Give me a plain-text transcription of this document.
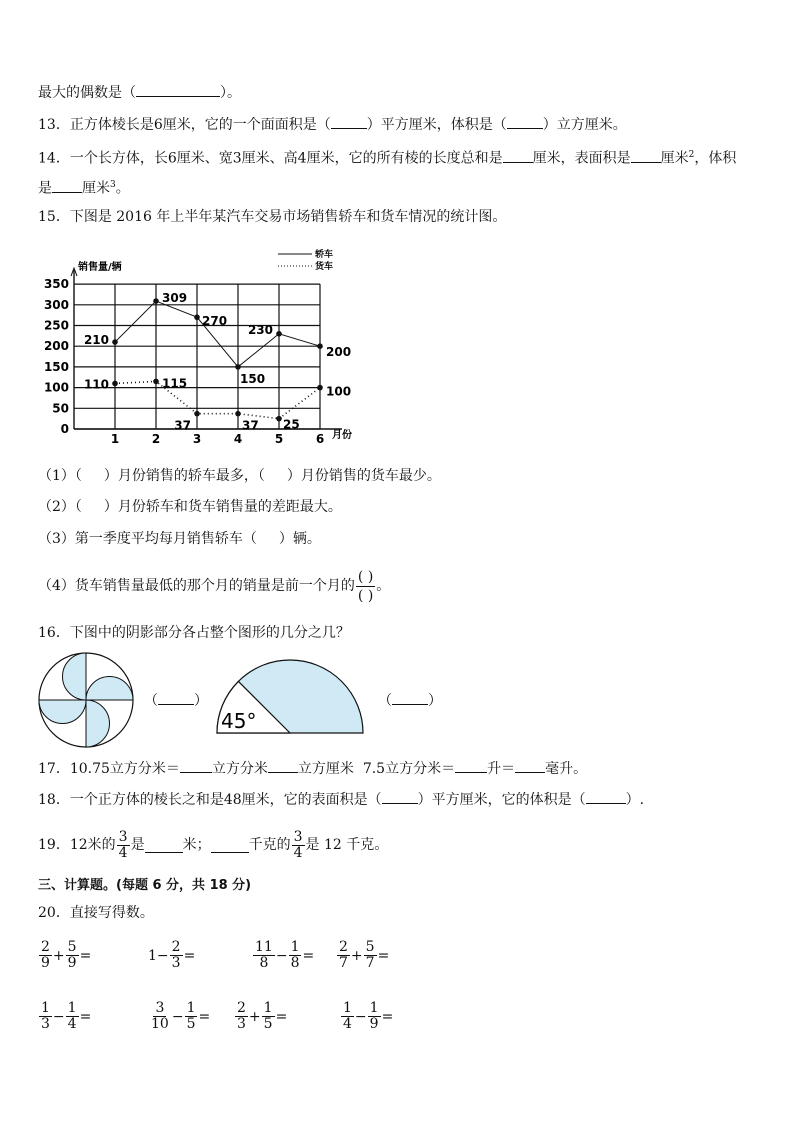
最大的偶数是（	）。
13．正方体棱长是6厘米，它的一个面面积是（	）平方厘米，体积是（	）立方厘米。
14．一个长方体，长6厘米、宽3厘米、高4厘米，它的所有棱的长度总和是 厘米，表面积是 厘米$^2$，体积
是 厘米$^3$。
15．下图是 2016 年上半年某汽车交易市场销售轿车和货车情况的统计图。
0
50
100
150
200
250
300
350
1	2	3	4	5	6
210
309
270
150
230
200
110	115
37	37 25
100
销售量/辆
月份
轿车
货车
（1）（ ）月份销售的轿车最多，（ ）月份销售的货车最少。
（2）（ ）月份轿车和货车销售量的差距最大。
（3）第一季度平均每月销售轿车（ ）辆。
（4）货车销售量最低的那个月的销量是前一个月的 $\frac{( )}{( )}$ 。
16．下图中的阴影部分各占整个图形的几分之几？
（	）
45°
（	）
17．10.75立方分米＝ 立方分米 立方厘米 7.5立方分米＝ 升＝ 毫升。
18．一个正方体的棱长之和是48厘米，它的表面积是（	）平方厘米，它的体积是（	）.
19． 12 米的 $\frac{3}{4}$ 是	米；	千克的 $\frac{3}{4}$ 是
12
千克。
三、计算题。(每题 6 分，共 18 分)
20．直接写得数。
$\frac{2}{9} + \frac{5}{9}$ =	$1- \frac{2}{3}$ =	$\frac{11}{8} - \frac{1}{8} = \frac{2}{7} + \frac{5}{7}$ =
$\frac{1}{3} - \frac{1}{4}$ =	$\frac{3}{10} - \frac{1}{5} = \frac{2}{3} + \frac{1}{5}$ =	$\frac{1}{4} - \frac{1}{9}$ =
